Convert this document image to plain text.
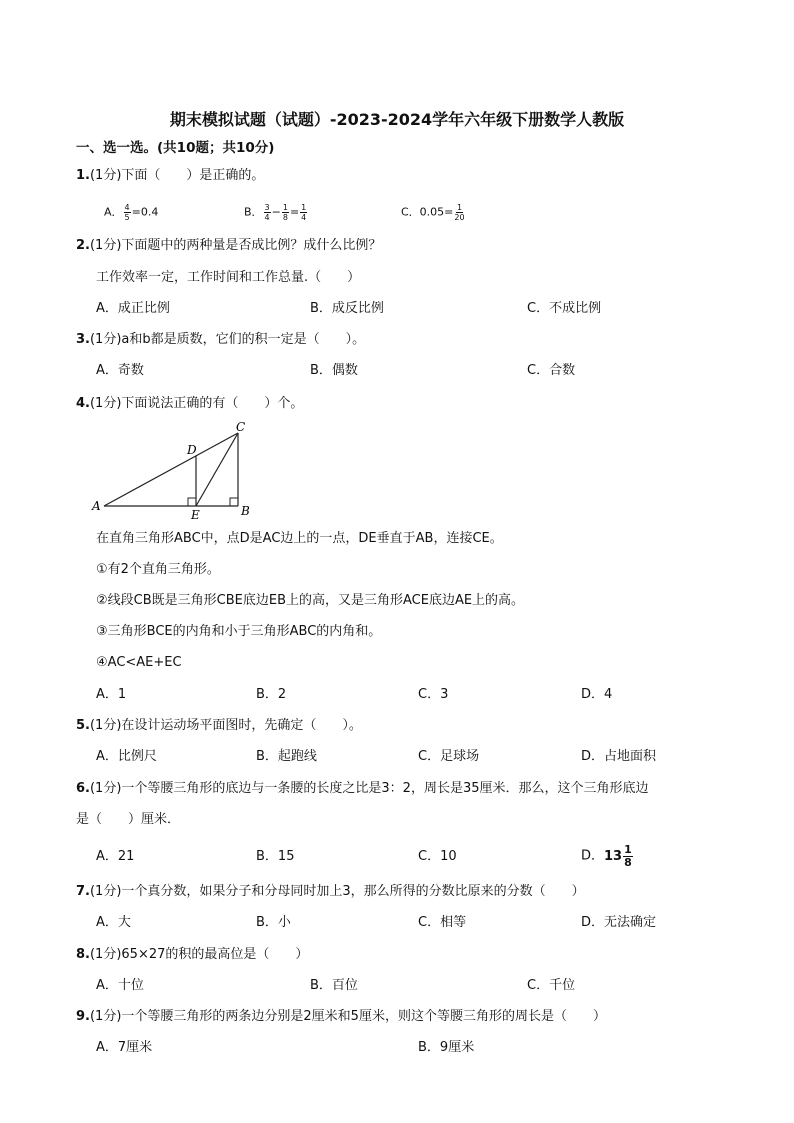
期末模拟试题（试题）-2023-2024学年六年级下册数学人教版
一、选一选。(共10题；共10分)
1.(1分)下面（　　）是正确的。
A． $\frac{4}{5} =0.4$	B． $\frac{3}{4} - \frac{1}{8} = \frac{1}{4}$	C．$0.05= \frac{1}{20}$
2.(1分)下面题中的两种量是否成比例？成什么比例？
工作效率一定，工作时间和工作总量.（　　）
A．成正比例	B．成反比例	C．不成比例
3.(1分)a和b都是质数，它们的积一定是（　　）。
A．奇数	B．偶数	C．合数
4.(1分)下面说法正确的有（　　）个。
A	B
C
D
E
在直角三角形ABC中，点D是AC边上的一点，DE垂直于AB，连接CE。
①有2个直角三角形。
②线段CB既是三角形CBE底边EB上的高，又是三角形ACE底边AE上的高。
③三角形BCE的内角和小于三角形ABC的内角和。
④AC<AE+EC
A．1	B．2	C．3	D．4
5.(1分)在设计运动场平面图时，先确定（　　）。
A．比例尺	B．起跑线	C．足球场	D．占地面积
6.(1分)一个等腰三角形的底边与一条腰的长度之比是3：2，周长是35厘米．那么，这个三角形底边
是（　　）厘米．
A．21	B．15	C．10	D． $13 \frac{1}{8}$
7.(1分)一个真分数，如果分子和分母同时加上3，那么所得的分数比原来的分数（　　）
A．大	B．小	C．相等	D．无法确定
8.(1分)65×27的积的最高位是（　　）
A．十位	B．百位	C．千位
9.(1分)一个等腰三角形的两条边分别是2厘米和5厘米，则这个等腰三角形的周长是（　　）
A．7厘米	B．9厘米
